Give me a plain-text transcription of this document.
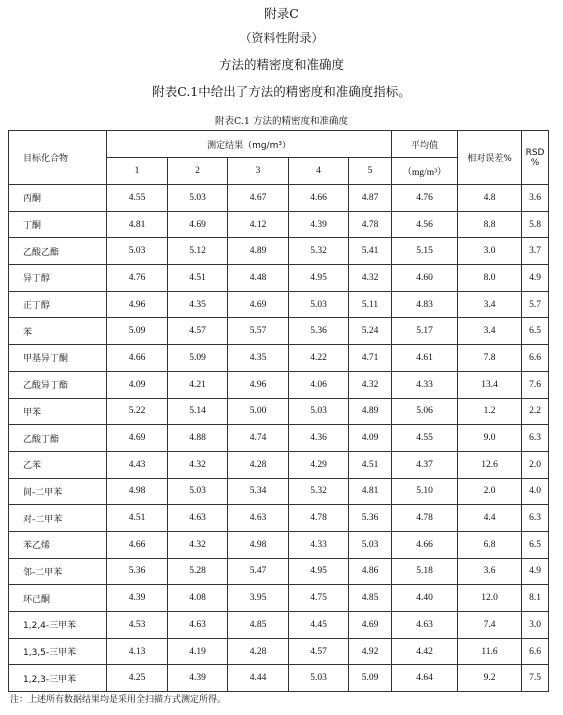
附录C
（资料性附录）
方法的精密度和准确度
附表C.1中给出了方法的精密度和准确度指标。
附表C.1 方法的精密度和准确度
目标化合物	测定结果（mg/m³）					平均值	相对误差%	RSD %
	1	2	3	4	5	（mg/m³）		
丙酮	4.55	5.03	4.67	4.66	4.87	4.76	4.8	3.6
丁酮	4.81	4.69	4.12	4.39	4.78	4.56	8.8	5.8
乙酸乙酯	5.03	5.12	4.89	5.32	5.41	5.15	3.0	3.7
异丁醇	4.76	4.51	4.48	4.95	4.32	4.60	8.0	4.9
正丁醇	4.96	4.35	4.69	5.03	5.11	4.83	3.4	5.7
苯	5.09	4.57	5.57	5.36	5.24	5.17	3.4	6.5
甲基异丁酮	4.66	5.09	4.35	4.22	4.71	4.61	7.8	6.6
乙酸异丁酯	4.09	4.21	4.96	4.06	4.32	4.33	13.4	7.6
甲苯	5.22	5.14	5.00	5.03	4.89	5.06	1.2	2.2
乙酸丁酯	4.69	4.88	4.74	4.36	4.09	4.55	9.0	6.3
乙苯	4.43	4.32	4.28	4.29	4.51	4.37	12.6	2.0
间-二甲苯	4.98	5.03	5.34	5.32	4.81	5.10	2.0	4.0
对-二甲苯	4.51	4.63	4.63	4.78	5.36	4.78	4.4	6.3
苯乙烯	4.66	4.32	4.98	4.33	5.03	4.66	6.8	6.5
邻-二甲苯	5.36	5.28	5.47	4.95	4.86	5.18	3.6	4.9
环己酮	4.39	4.08	3.95	4.75	4.85	4.40	12.0	8.1
1,2,4-三甲苯	4.53	4.63	4.85	4.45	4.69	4.63	7.4	3.0
1,3,5-三甲苯	4.13	4.19	4.28	4.57	4.92	4.42	11.6	6.6
1,2,3-三甲苯	4.25	4.39	4.44	5.03	5.09	4.64	9.2	7.5
注：上述所有数据结果均是采用全扫描方式测定所得。
